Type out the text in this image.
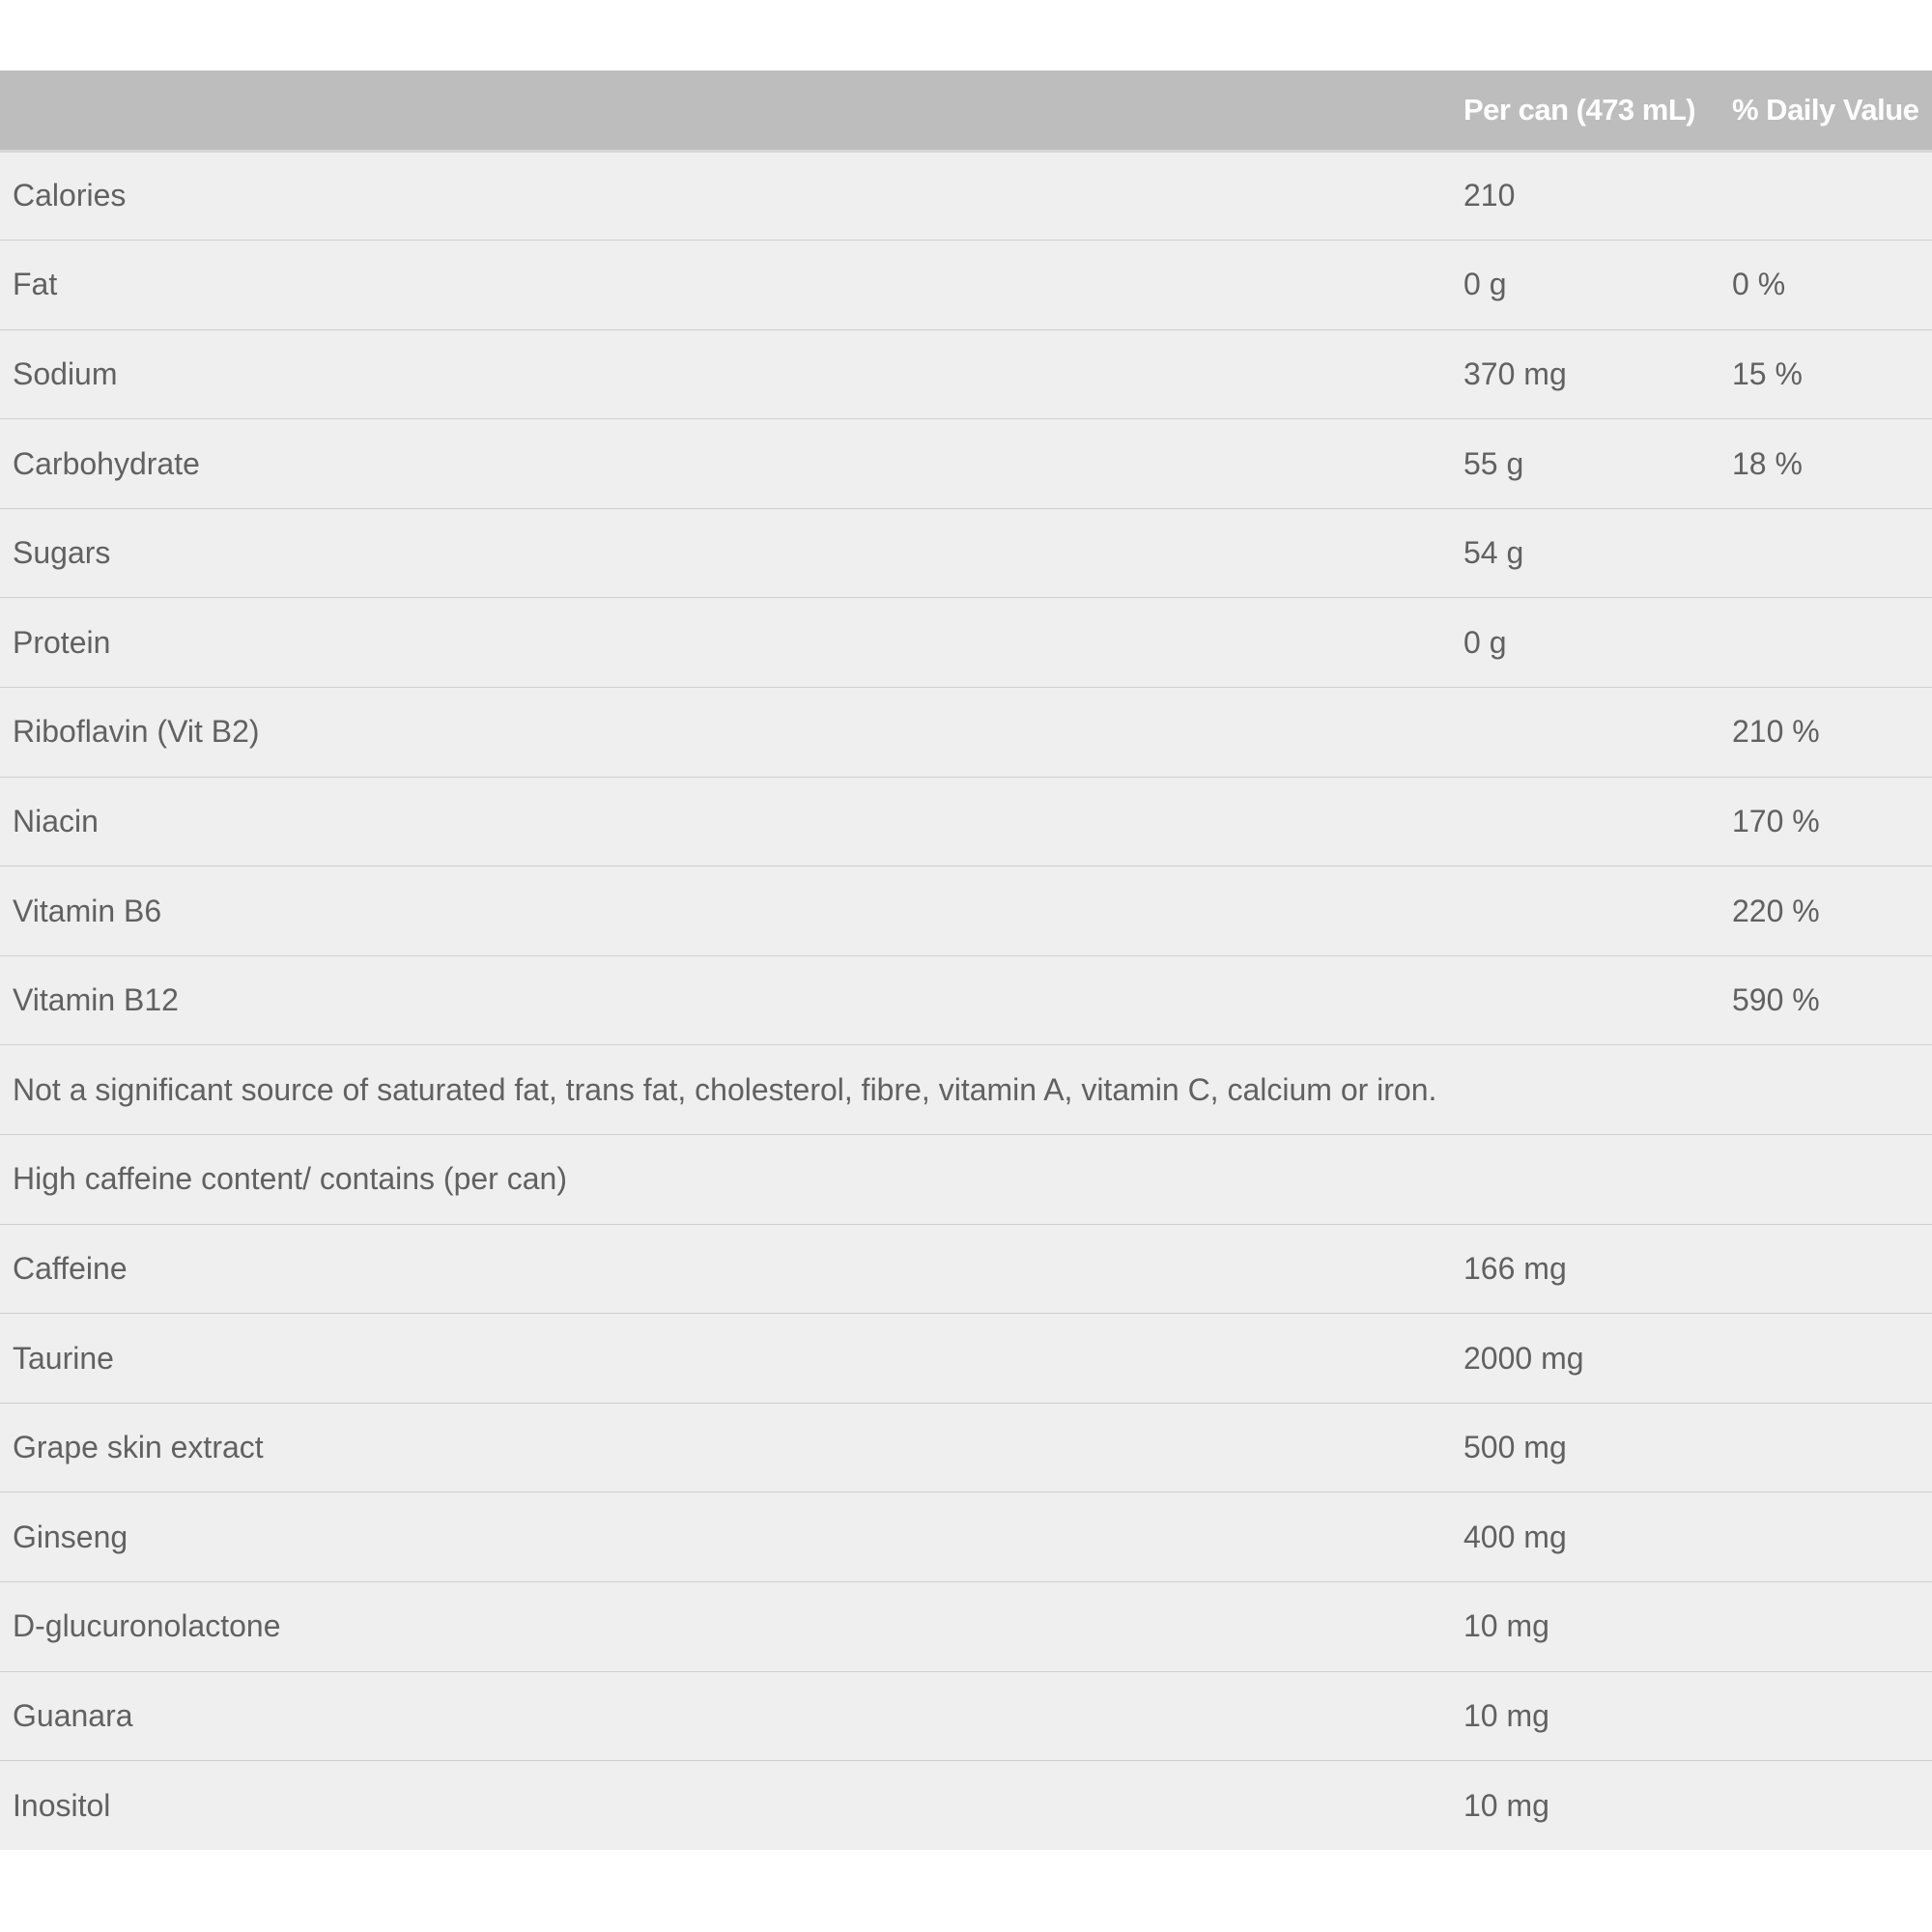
	Per can (473 mL)	% Daily Value
Calories	210	
Fat	0 g	0 %
Sodium	370 mg	15 %
Carbohydrate	55 g	18 %
Sugars	54 g	
Protein	0 g	
Riboflavin (Vit B2)		210 %
Niacin		170 %
Vitamin B6		220 %
Vitamin B12		590 %
Not a significant source of saturated fat, trans fat, cholesterol, fibre, vitamin A, vitamin C, calcium or iron.		
High caffeine content/ contains (per can)		
Caffeine	166 mg	
Taurine	2000 mg	
Grape skin extract	500 mg	
Ginseng	400 mg	
D-glucuronolactone	10 mg	
Guanara	10 mg	
Inositol	10 mg	
